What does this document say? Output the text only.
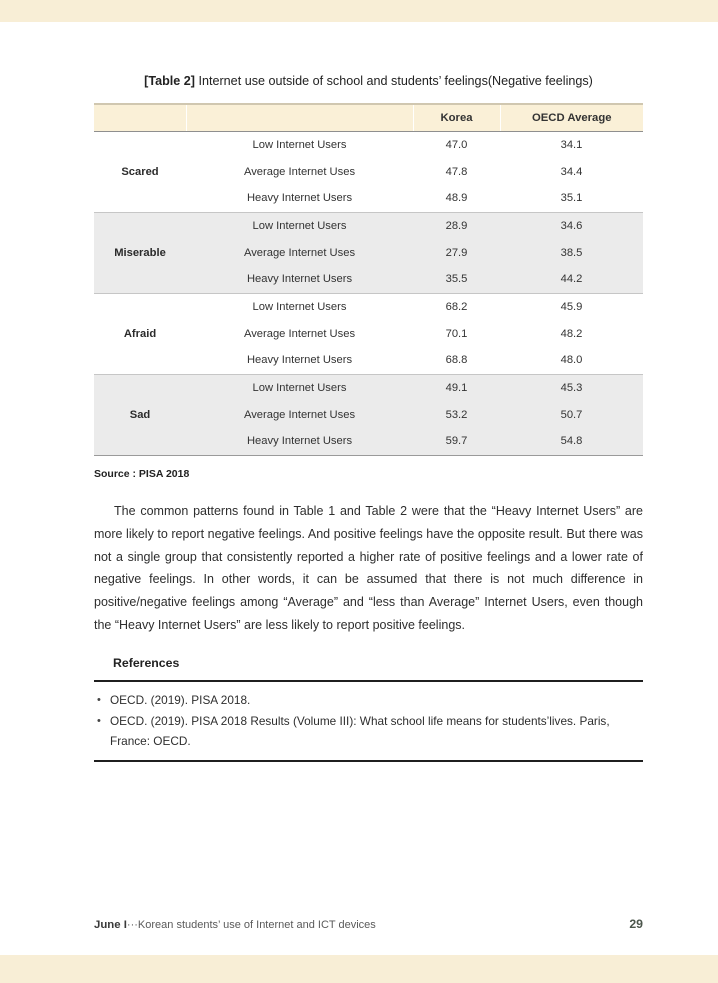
[Table 2] Internet use outside of school and students’ feelings(Negative feelings)
		Korea	OECD Average
Scared	Low Internet Users	47.0	34.1
	Average Internet Uses	47.8	34.4
	Heavy Internet Users	48.9	35.1
Miserable	Low Internet Users	28.9	34.6
	Average Internet Uses	27.9	38.5
	Heavy Internet Users	35.5	44.2
Afraid	Low Internet Users	68.2	45.9
	Average Internet Uses	70.1	48.2
	Heavy Internet Users	68.8	48.0
Sad	Low Internet Users	49.1	45.3
	Average Internet Uses	53.2	50.7
	Heavy Internet Users	59.7	54.8
Source : PISA 2018

The common patterns found in Table 1 and Table 2 were that the “Heavy Internet Users” are more likely to report negative feelings. And positive feelings have the opposite result. But there was not a single group that consistently reported a higher rate of positive feelings and a lower rate of negative feelings. In other words, it can be assumed that there is not much difference in positive/negative feelings among “Average” and “less than Average” Internet Users, even though the “Heavy Internet Users” are less likely to report positive feelings.

References
• OECD. (2019). PISA 2018.
• OECD. (2019). PISA 2018 Results (Volume III): What school life means for students’lives. Paris, France: OECD.
June I···Korean students’ use of Internet and ICT devices	29
